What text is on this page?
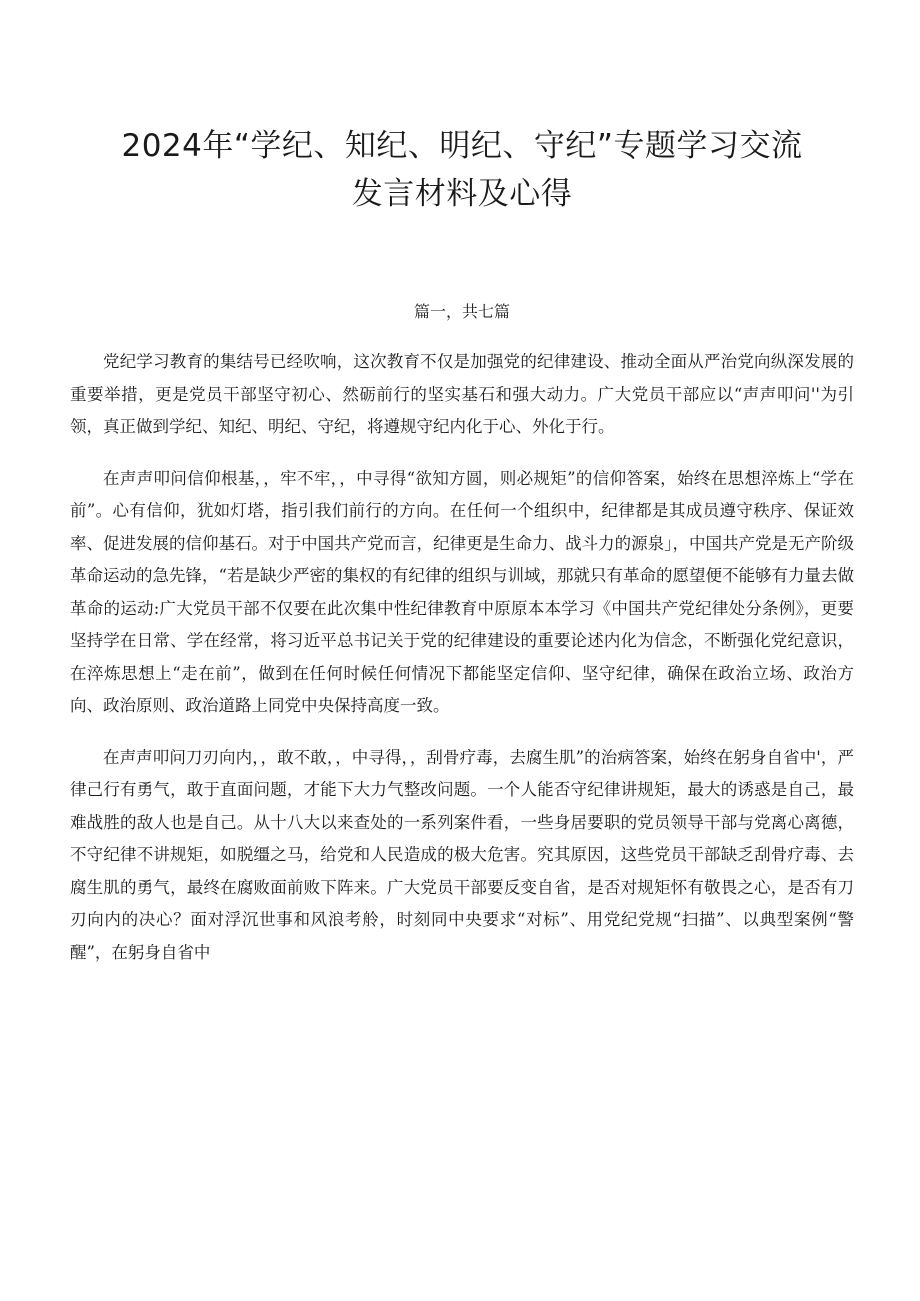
2024年“学纪、知纪、明纪、守纪”专题学习交流
发言材料及心得
篇一，共七篇

党纪学习教育的集结号已经吹响，这次教育不仅是加强党的纪律建设、推动全面从严治党向纵深发展的重要举措，更是党员干部坚守初心、然砺前行的坚实基石和强大动力。广大党员干部应以“声声叩问''为引领，真正做到学纪、知纪、明纪、守纪，将遵规守纪内化于心、外化于行。

在声声叩问信仰根基，，牢不牢，，中寻得“欲知方圆，则必规矩”的信仰答案，始终在思想淬炼上“学在前”。心有信仰，犹如灯塔，指引我们前行的方向。在任何一个组织中，纪律都是其成员遵守秩序、保证效率、促进发展的信仰基石。对于中国共产党而言，纪律更是生命力、战斗力的源泉」，中国共产党是无产阶级革命运动的急先锋，“若是缺少严密的集权的有纪律的组织与训域，那就只有革命的愿望便不能够有力量去做革命的运动:广大党员干部不仅要在此次集中性纪律教育中原原本本学习《中国共产党纪律处分条例》，更要坚持学在日常、学在经常，将习近平总书记关于党的纪律建设的重要论述内化为信念，不断强化党纪意识，在淬炼思想上“走在前”，做到在任何时候任何情况下都能坚定信仰、坚守纪律，确保在政治立场、政治方向、政治原则、政治道路上同党中央保持高度一致。

在声声叩问刀刃向内，，敢不敢，，中寻得，，刮骨疗毒，去腐生肌”的治病答案，始终在躬身自省中'，严律己行有勇气，敢于直面问题，才能下大力气整改问题。一个人能否守纪律讲规矩，最大的诱惑是自己，最难战胜的敌人也是自己。从十八大以来查处的一系列案件看，一些身居要职的党员领导干部与党离心离德，不守纪律不讲规矩，如脱缰之马，给党和人民造成的极大危害。究其原因，这些党员干部缺乏刮骨疗毒、去腐生肌的勇气，最终在腐败面前败下阵来。广大党员干部要反变自省，是否对规矩怀有敬畏之心，是否有刀刃向内的决心？面对浮沉世事和风浪考舲，时刻同中央要求“对标”、用党纪党规“扫描”、以典型案例“警醒”，在躬身自省中
